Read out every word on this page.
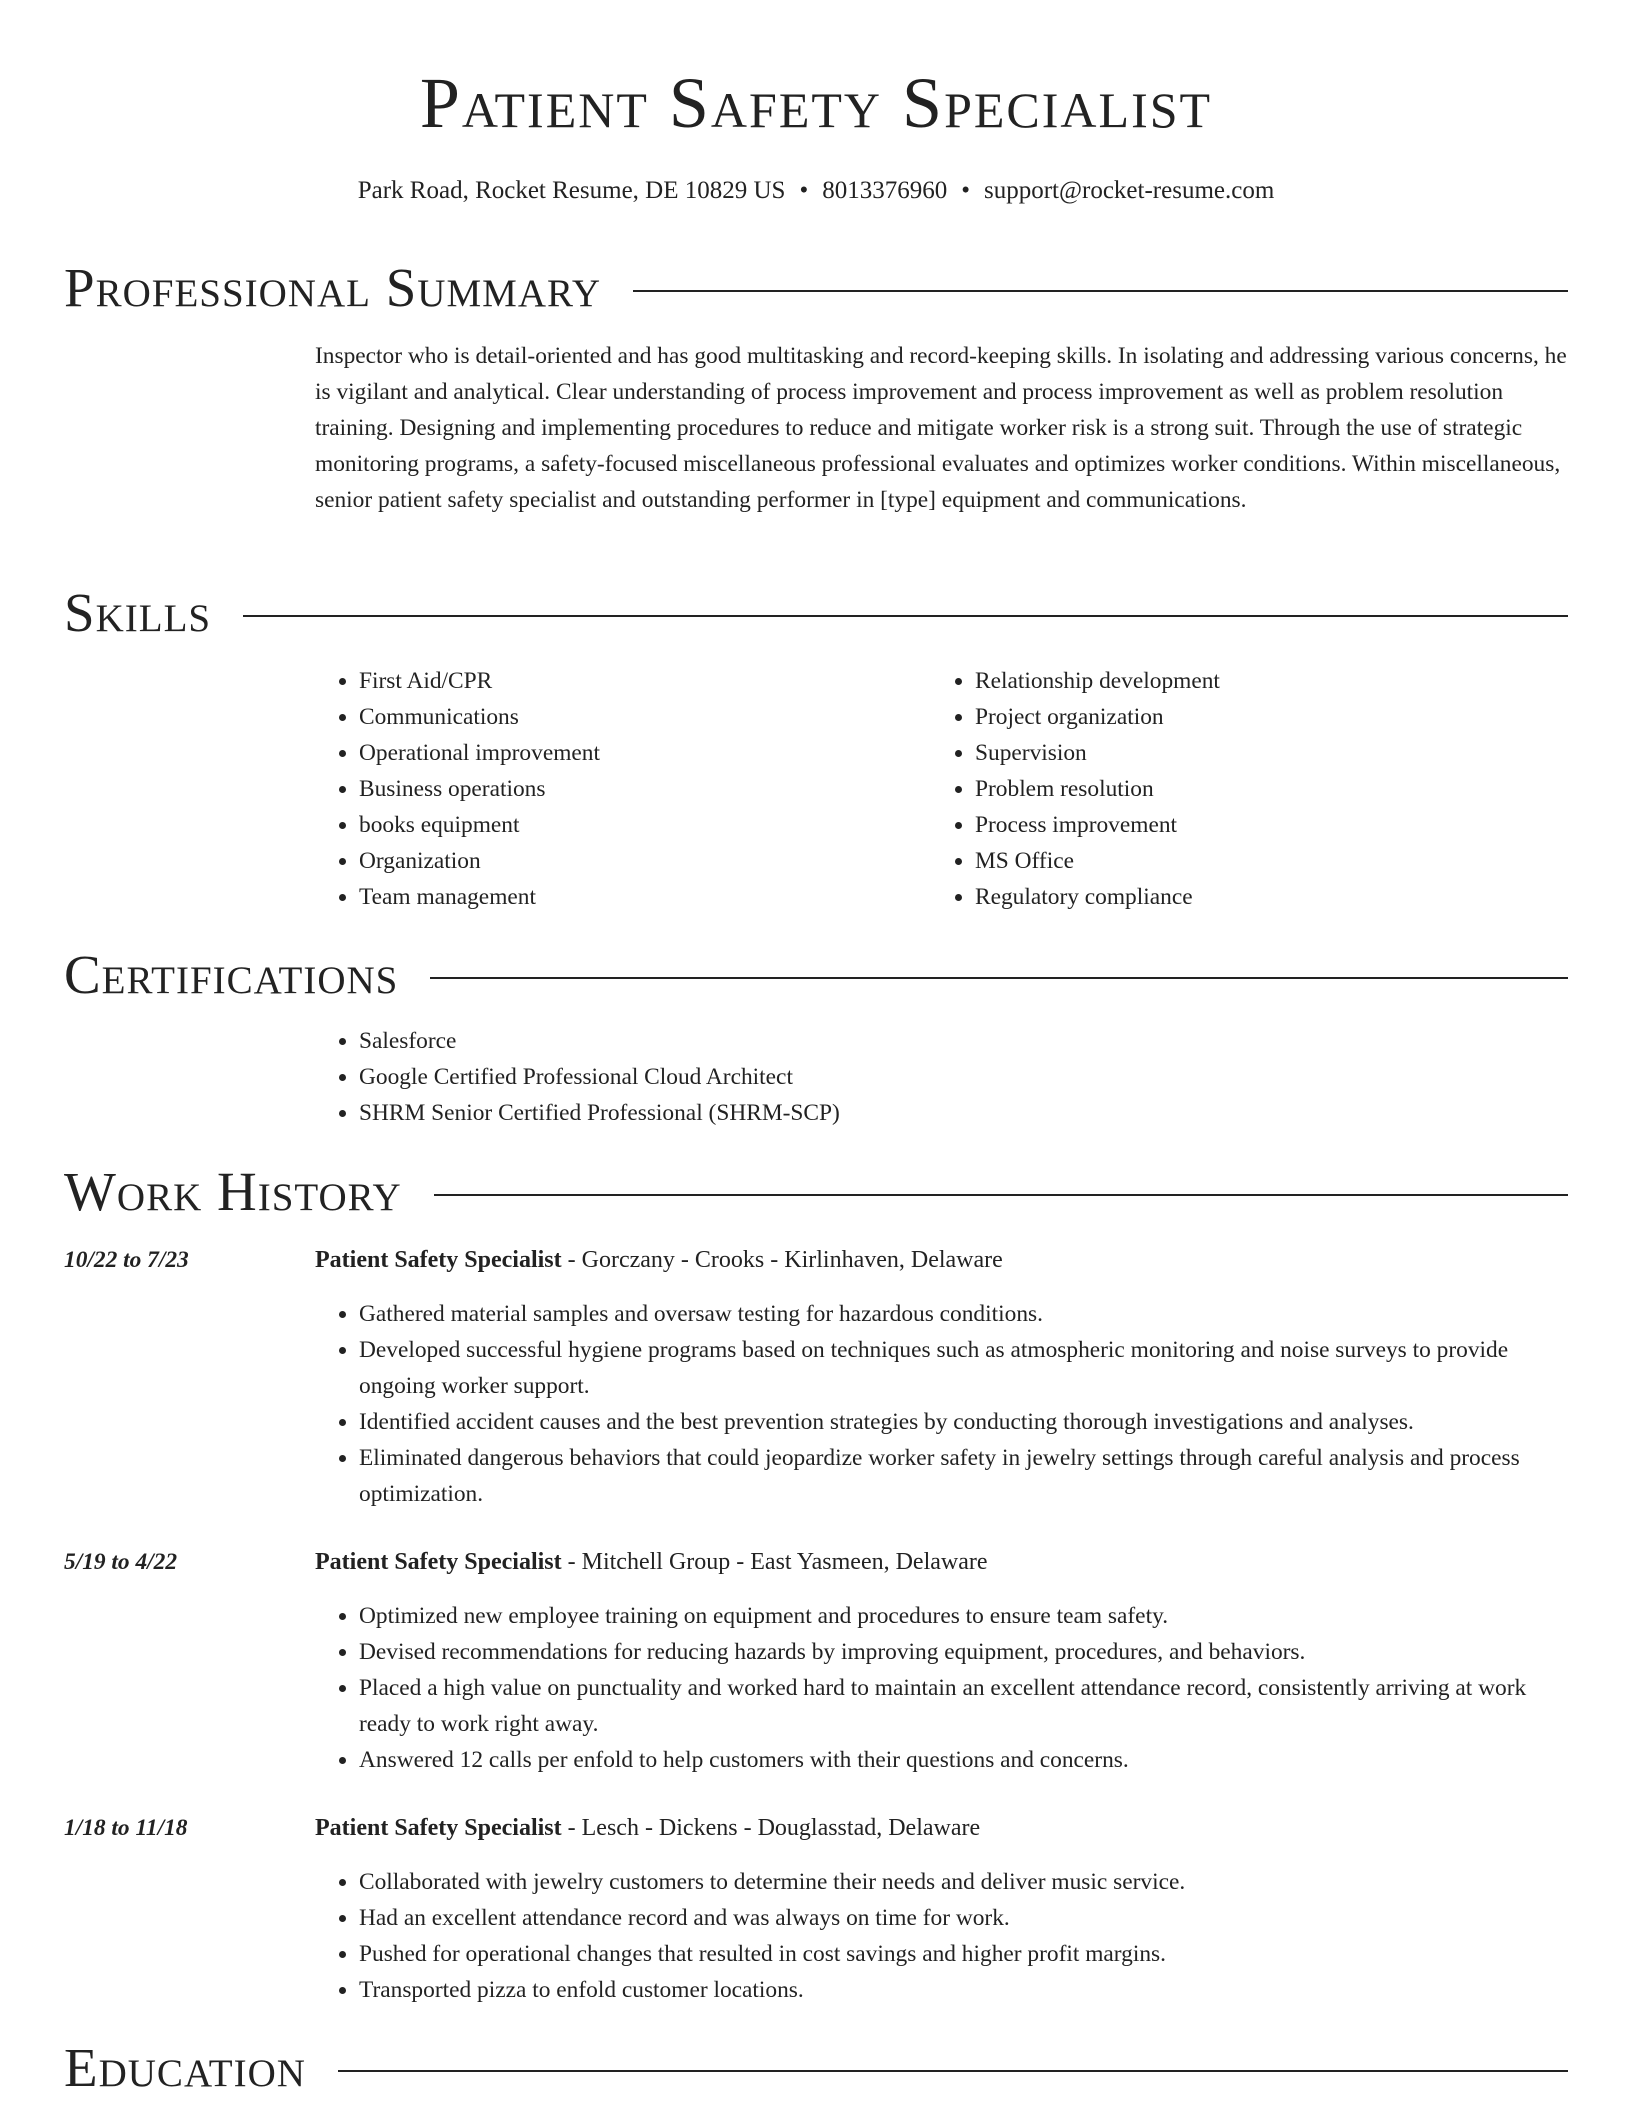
Patient Safety Specialist
Park Road, Rocket Resume, DE 10829 US • 8013376960 • support@rocket-resume.com
Professional Summary
Inspector who is detail-oriented and has good multitasking and record-keeping skills. In isolating and addressing various concerns, he is vigilant and analytical. Clear understanding of process improvement and process improvement as well as problem resolution training. Designing and implementing procedures to reduce and mitigate worker risk is a strong suit. Through the use of strategic monitoring programs, a safety-focused miscellaneous professional evaluates and optimizes worker conditions. Within miscellaneous, senior patient safety specialist and outstanding performer in [type] equipment and communications.
Skills
• First Aid/CPR
• Communications
• Operational improvement
• Business operations
• books equipment
• Organization
• Team management
• Relationship development
• Project organization
• Supervision
• Problem resolution
• Process improvement
• MS Office
• Regulatory compliance
Certifications
• Salesforce
• Google Certified Professional Cloud Architect
• SHRM Senior Certified Professional (SHRM-SCP)
Work History
10/22 to 7/23	Patient Safety Specialist - Gorczany - Crooks - Kirlinhaven, Delaware
• Gathered material samples and oversaw testing for hazardous conditions.
• Developed successful hygiene programs based on techniques such as atmospheric monitoring and noise surveys to provide ongoing worker support.
• Identified accident causes and the best prevention strategies by conducting thorough investigations and analyses.
• Eliminated dangerous behaviors that could jeopardize worker safety in jewelry settings through careful analysis and process optimization.
5/19 to 4/22	Patient Safety Specialist - Mitchell Group - East Yasmeen, Delaware
• Optimized new employee training on equipment and procedures to ensure team safety.
• Devised recommendations for reducing hazards by improving equipment, procedures, and behaviors.
• Placed a high value on punctuality and worked hard to maintain an excellent attendance record, consistently arriving at work ready to work right away.
• Answered 12 calls per enfold to help customers with their questions and concerns.
1/18 to 11/18	Patient Safety Specialist - Lesch - Dickens - Douglasstad, Delaware
• Collaborated with jewelry customers to determine their needs and deliver music service.
• Had an excellent attendance record and was always on time for work.
• Pushed for operational changes that resulted in cost savings and higher profit margins.
• Transported pizza to enfold customer locations.
Education
